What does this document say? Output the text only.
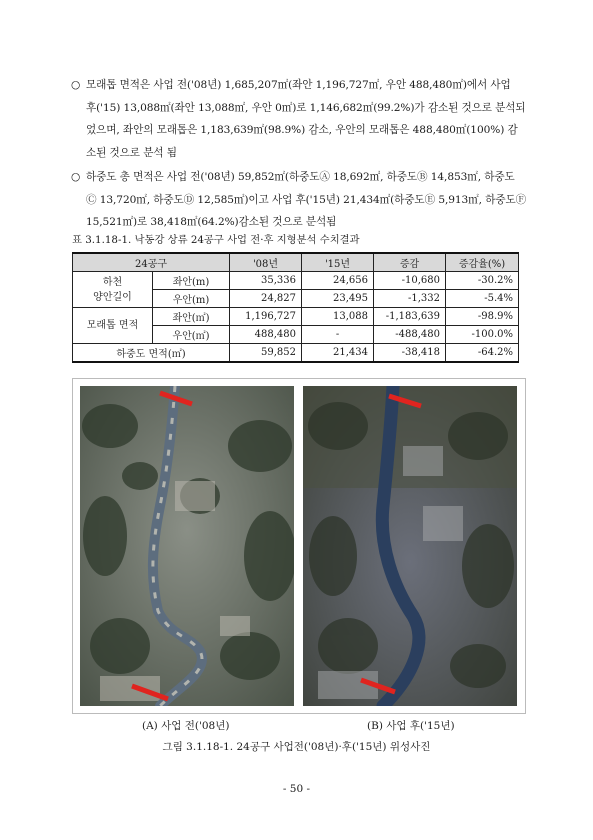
○ 모래톱 면적은 사업 전('08년) 1,685,207㎡(좌안 1,196,727㎡, 우안 488,480㎡)에서 사업
후('15) 13,088㎡(좌안 13,088㎡, 우안 0㎡)로 1,146,682㎡(99.2%)가 감소된 것으로 분석되
었으며, 좌안의 모래톱은 1,183,639㎡(98.9%) 감소, 우안의 모래톱은 488,480㎡(100%) 감
소된 것으로 분석 됨
○ 하중도 총 면적은 사업 전('08년) 59,852㎡(하중도Ⓐ 18,692㎡, 하중도Ⓑ 14,853㎡, 하중도
Ⓒ 13,720㎡, 하중도Ⓓ 12,585㎡)이고 사업 후('15년) 21,434㎡(하중도Ⓔ 5,913㎡, 하중도Ⓕ
15,521㎡)로 38,418㎡(64.2%)감소된 것으로 분석됨
표 3.1.18-1. 낙동강 상류 24공구 사업 전·후 지형분석 수치결과
24공구		'08년	'15년	증감	증감율(%)
하천
양안길이	좌안(m)	35,336	24,656	-10,680	-30.2%
	우안(m)	24,827	23,495	-1,332	-5.4%
모래톱 면적	좌안(㎡)	1,196,727	13,088	-1,183,639	-98.9%
	우안(㎡)	488,480	-	-488,480	-100.0%
하중도 면적(㎡)		59,852	21,434	-38,418	-64.2%
(A) 사업 전('08년)	(B) 사업 후('15년)
그림 3.1.18-1. 24공구 사업전('08년)·후('15년) 위성사진
- 50 -
